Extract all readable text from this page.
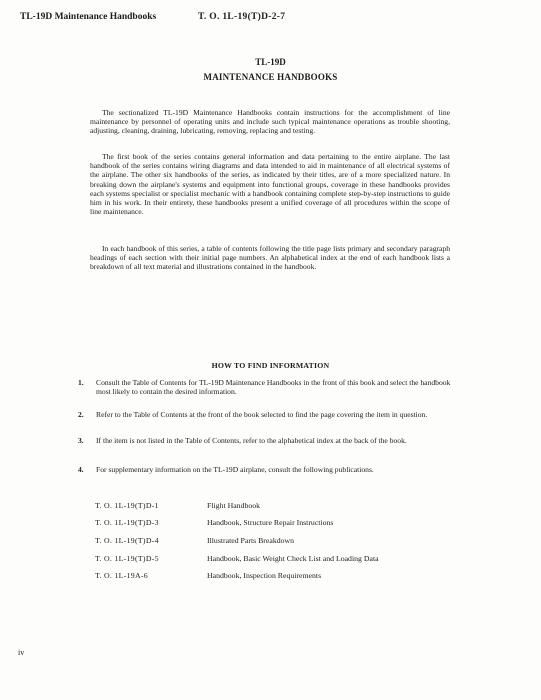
TL-19D Maintenance Handbooks	T. O. 1L-19(T)D-2-7
TL-19D
MAINTENANCE HANDBOOKS

The sectionalized TL-19D Maintenance Handbooks contain instructions for the accomplishment of line maintenance by personnel of operating units and include such typical maintenance operations as trouble shooting, adjusting, cleaning, draining, lubricating, removing, replacing and testing.

The first book of the series contains general information and data pertaining to the entire airplane. The last handbook of the series contains wiring diagrams and data intended to aid in maintenance of all electrical systems of the airplane. The other six handbooks of the series, as indicated by their titles, are of a more specialized nature. In breaking down the airplane's systems and equipment into functional groups, coverage in these handbooks provides each systems specialist or specialist mechanic with a handbook containing complete step-by-step instructions to guide him in his work. In their entirety, these handbooks present a unified coverage of all procedures within the scope of line maintenance.

In each handbook of this series, a table of contents following the title page lists primary and secondary paragraph headings of each section with their initial page numbers. An alphabetical index at the end of each handbook lists a breakdown of all text material and illustrations contained in the handbook.

HOW TO FIND INFORMATION
1. Consult the Table of Contents for TL-19D Maintenance Handbooks in the front of this book and select the handbook most likely to contain the desired information.
2. Refer to the Table of Contents at the front of the book selected to find the page covering the item in question.
3. If the item is not listed in the Table of Contents, refer to the alphabetical index at the back of the book.
4. For supplementary information on the TL-19D airplane, consult the following publications.
T. O. 1L-19(T)D-1	Flight Handbook
T. O. 1L-19(T)D-3	Handbook, Structure Repair Instructions
T. O. 1L-19(T)D-4	Illustrated Parts Breakdown
T. O. 1L-19(T)D-5	Handbook, Basic Weight Check List and Loading Data
T. O. 1L-19A-6	Handbook, Inspection Requirements
iv
